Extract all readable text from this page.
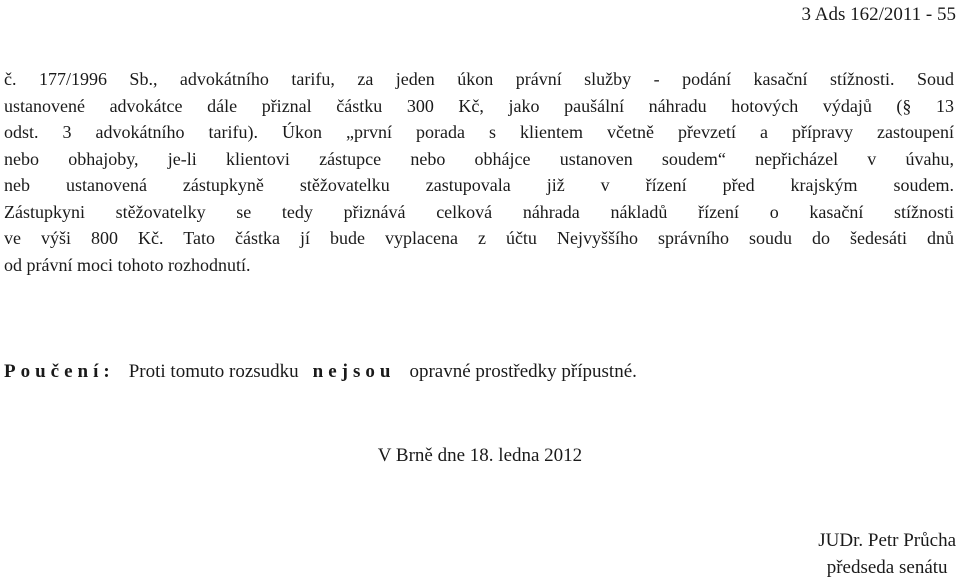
3 Ads 162/2011 - 55
č. 177/1996 Sb., advokátního tarifu, za jeden úkon právní služby - podání kasační stížnosti. Soud
ustanovené advokátce dále přiznal částku 300 Kč, jako paušální náhradu hotových výdajů (§ 13
odst. 3 advokátního tarifu). Úkon „první porada s klientem včetně převzetí a přípravy zastoupení
nebo obhajoby, je-li klientovi zástupce nebo obhájce ustanoven soudem“ nepřicházel v úvahu,
neb ustanovená zástupkyně stěžovatelku zastupovala již v řízení před krajským soudem.
Zástupkyni stěžovatelky se tedy přiznává celková náhrada nákladů řízení o kasační stížnosti
ve výši 800 Kč. Tato částka jí bude vyplacena z účtu Nejvyššího správního soudu do šedesáti dnů
od právní moci tohoto rozhodnutí.
Poučení: Proti tomuto rozsudku nejsou opravné prostředky přípustné.
V Brně dne 18. ledna 2012
JUDr. Petr Průcha
předseda senátu
